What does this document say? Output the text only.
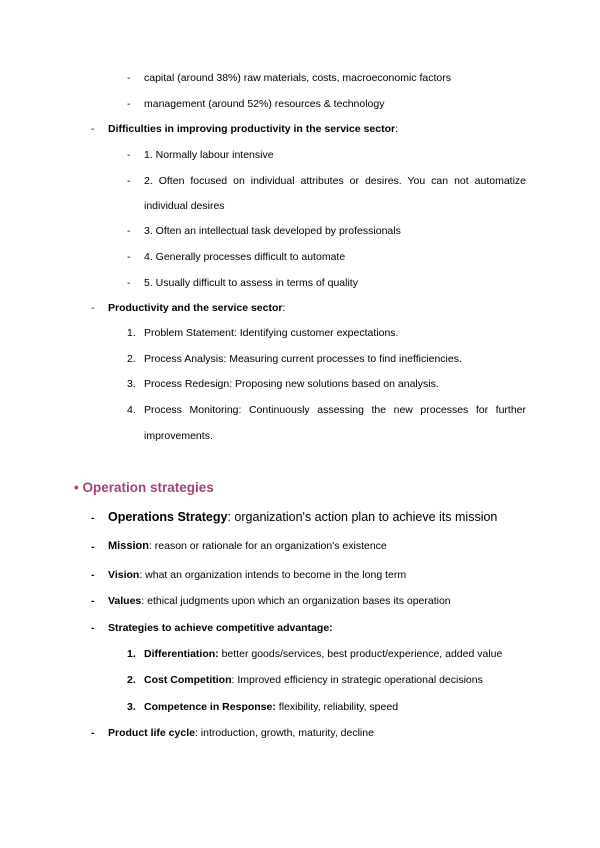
- capital (around 38%) raw materials, costs, macroeconomic factors
- management (around 52%) resources & technology
- Difficulties in improving productivity in the service sector:
- 1. Normally labour intensive
- 2. Often focused on individual attributes or desires. You can not automatize
individual desires
- 3. Often an intellectual task developed by professionals
- 4. Generally processes difficult to automate
- 5. Usually difficult to assess in terms of quality
- Productivity and the service sector:
1. Problem Statement: Identifying customer expectations.
2. Process Analysis: Measuring current processes to find inefficiencies.
3. Process Redesign: Proposing new solutions based on analysis.
4. Process Monitoring: Continuously assessing the new processes for further
improvements.
• Operation strategies
- Operations Strategy: organization's action plan to achieve its mission
- Mission: reason or rationale for an organization's existence
- Vision: what an organization intends to become in the long term
- Values: ethical judgments upon which an organization bases its operation
- Strategies to achieve competitive advantage:
1. Differentiation: better goods/services, best product/experience, added value
2. Cost Competition: Improved efficiency in strategic operational decisions
3. Competence in Response: flexibility, reliability, speed
- Product life cycle: introduction, growth, maturity, decline
